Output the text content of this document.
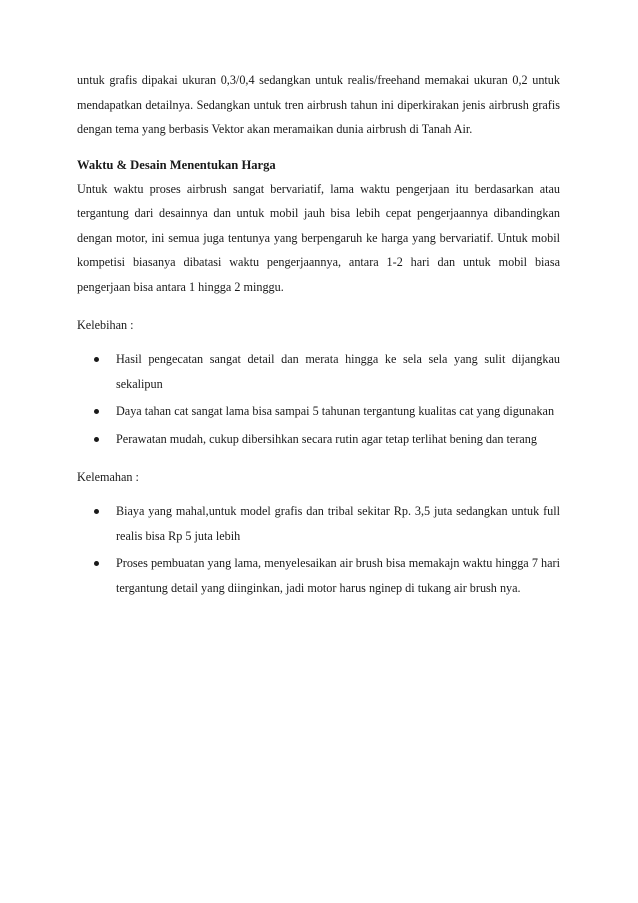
untuk grafis dipakai ukuran 0,3/0,4 sedangkan untuk realis/freehand memakai ukuran 0,2 untuk mendapatkan detailnya. Sedangkan untuk tren airbrush tahun ini diperkirakan jenis airbrush grafis dengan tema yang berbasis Vektor akan meramaikan dunia airbrush di Tanah Air.

Waktu & Desain Menentukan Harga

Untuk waktu proses airbrush sangat bervariatif, lama waktu pengerjaan itu berdasarkan atau tergantung dari desainnya dan untuk mobil jauh bisa lebih cepat pengerjaannya dibandingkan dengan motor, ini semua juga tentunya yang berpengaruh ke harga yang bervariatif. Untuk mobil kompetisi biasanya dibatasi waktu pengerjaannya, antara 1-2 hari dan untuk mobil biasa pengerjaan bisa antara 1 hingga 2 minggu.

Kelebihan :

Hasil pengecatan sangat detail dan merata hingga ke sela sela yang sulit dijangkau sekalipun
Daya tahan cat sangat lama bisa sampai 5 tahunan tergantung kualitas cat yang digunakan
Perawatan mudah, cukup dibersihkan secara rutin agar tetap terlihat bening dan terang

Kelemahan :

Biaya yang mahal,untuk model grafis dan tribal sekitar Rp. 3,5 juta sedangkan untuk full realis bisa Rp 5 juta lebih
Proses pembuatan yang lama, menyelesaikan air brush bisa memakajn waktu hingga 7 hari tergantung detail yang diinginkan, jadi motor harus nginep di tukang air brush nya.
